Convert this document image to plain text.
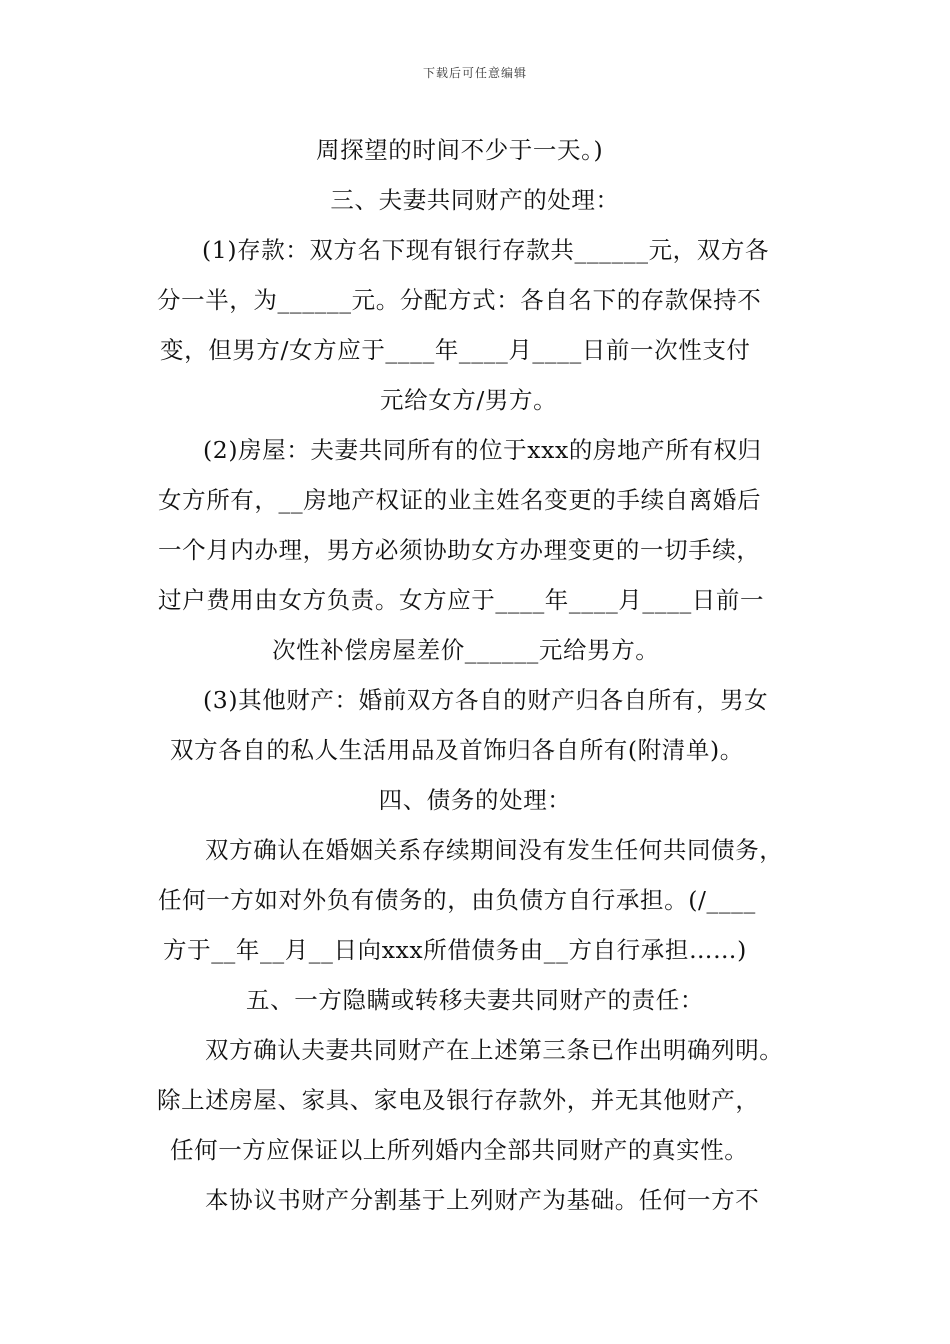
下载后可任意编辑
周探望的时间不少于一天。)
三、夫妻共同财产的处理：
(1)存款：双方名下现有银行存款共______元，双方各
分一半，为______元。分配方式：各自名下的存款保持不
变，但男方/女方应于____年____月____日前一次性支付
元给女方/男方。
(2)房屋：夫妻共同所有的位于xxx的房地产所有权归
女方所有，__房地产权证的业主姓名变更的手续自离婚后
一个月内办理，男方必须协助女方办理变更的一切手续，
过户费用由女方负责。女方应于____年____月____日前一
次性补偿房屋差价______元给男方。
(3)其他财产：婚前双方各自的财产归各自所有，男女
双方各自的私人生活用品及首饰归各自所有(附清单)。
四、债务的处理：
双方确认在婚姻关系存续期间没有发生任何共同债务，
任何一方如对外负有债务的，由负债方自行承担。(/____
方于__年__月__日向xxx所借债务由__方自行承担……)
五、一方隐瞒或转移夫妻共同财产的责任：
双方确认夫妻共同财产在上述第三条已作出明确列明。
除上述房屋、家具、家电及银行存款外，并无其他财产，
任何一方应保证以上所列婚内全部共同财产的真实性。
本协议书财产分割基于上列财产为基础。任何一方不
